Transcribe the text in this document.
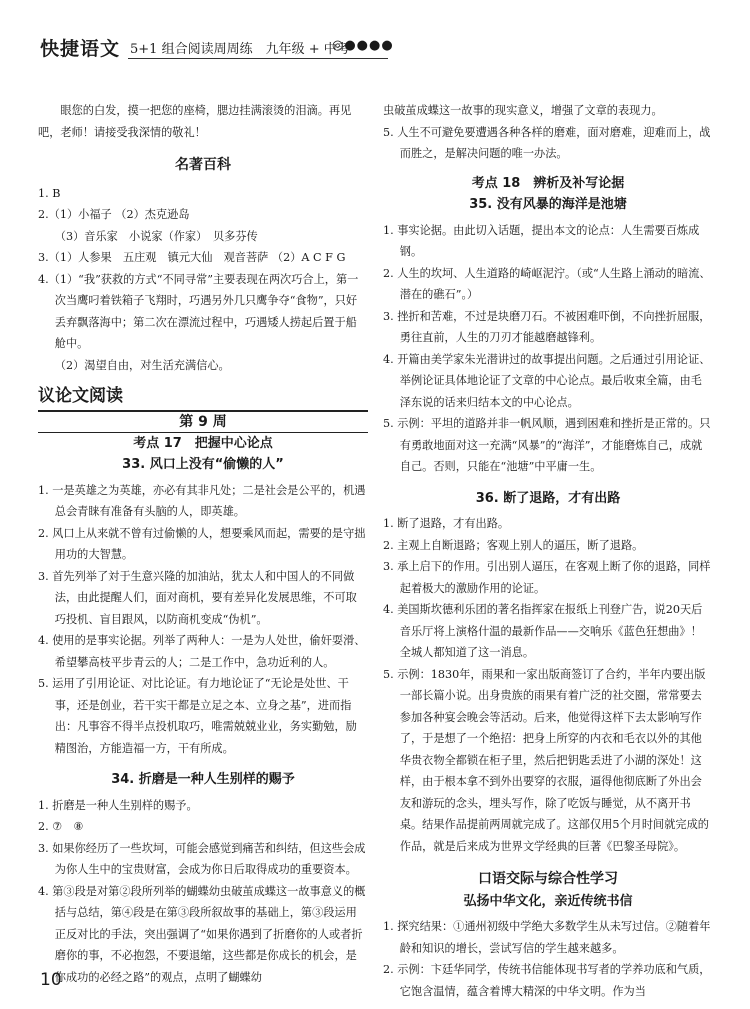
快捷语文 5+1 组合阅读周周练　九年级 + 中考
◎●●●●

眼您的白发，摸一把您的座椅，腮边挂满滚烫的泪滴。再见吧，老师！请接受我深情的敬礼！

名著百科

1. B

2.（1）小福子 （2）杰克逊岛

（3）音乐家　小说家（作家）　贝多芬传

3.（1）人参果　五庄观　镇元大仙　观音菩萨 （2）A C F G

4.（1）“我”获救的方式“不同寻常”主要表现在两次巧合上，第一次当鹰叼着铁箱子飞翔时，巧遇另外几只鹰争夺“食物”，只好丢弃飘落海中；第二次在漂流过程中，巧遇矮人捞起后置于船舱中。

（2）渴望自由，对生活充满信心。

议论文阅读

第 9 周

考点 17　把握中心论点

33. 风口上没有“偷懒的人”

1. 一是英雄之为英雄，亦必有其非凡处；二是社会是公平的，机遇总会青睐有准备有头脑的人，即英雄。

2. 风口上从来就不曾有过偷懒的人，想要乘风而起，需要的是守拙用功的大智慧。

3. 首先列举了対于生意兴隆的加油站，犹太人和中国人的不同做法，由此提醒人们，面对商机，要有差异化发展思维，不可取巧投机、盲目跟风，以防商机变成“伪机”。

4. 使用的是事实论据。列举了两种人：一是为人处世，偷奸耍滑、希望攀高枝平步青云的人；二是工作中，急功近利的人。

5. 运用了引用论证、对比论证。有力地论证了“无论是处世、干事，还是创业，若干实干都是立足之本、立身之基”，进而指出：凡事容不得半点投机取巧，唯需兢兢业业，务实勤勉，励精图治，方能造福一方，干有所成。

34. 折磨是一种人生别样的赐予

1. 折磨是一种人生别样的赐予。

2. ⑦　⑧

3. 如果你经历了一些坎坷，可能会感觉到痛苦和纠结，但这些会成为你人生中的宝贵财富，会成为你日后取得成功的重要资本。

4. 第③段是对第②段所列举的蝴蝶幼虫破茧成蝶这一故事意义的概括与总结，第④段是在第③段所叙故事的基础上，第③段运用正反对比的手法，突出强调了“如果你遇到了折磨你的人或者折磨你的事，不必抱怨，不要退缩，这些都是你成长的机会，是你成功的必经之路”的观点，点明了蝴蝶幼

虫破茧成蝶这一故事的现实意义，增强了文章的表现力。

5. 人生不可避免要遭遇各种各样的磨难，面对磨难，迎难而上，战而胜之，是解决问题的唯一办法。

考点 18　辨析及补写论据

35. 没有风暴的海洋是池塘

1. 事实论据。由此切入话题，提出本文的论点：人生需要百炼成钢。

2. 人生的坎坷、人生道路的崎岖泥泞。（或“人生路上涌动的暗流、潜在的礁石”。）

3. 挫折和苦难，不过是块磨刀石。不被困难吓倒，不向挫折屈服，勇往直前，人生的刀刃才能越磨越锋利。

4. 开篇由美学家朱光潜讲过的故事提出问题。之后通过引用论证、举例论证具体地论证了文章的中心论点。最后收束全篇，由毛泽东说的话来归结本文的中心论点。

5. 示例：平坦的道路并非一帆风顺，遇到困难和挫折是正常的。只有勇敢地面对这一充满“风暴”的“海洋”，才能磨炼自己，成就自己。否则，只能在“池塘”中平庸一生。

36. 断了退路，才有出路

1. 断了退路，才有出路。

2. 主观上自断退路；客观上别人的逼压，断了退路。

3. 承上启下的作用。引出别人逼压，在客观上断了你的退路，同样起着极大的激励作用的论证。

4. 美国斯坎德利乐团的著名指挥家在报纸上刊登广告，说20天后音乐厅将上演格什温的最新作品——交响乐《蓝色狂想曲》！全城人都知道了这一消息。

5. 示例：1830年，雨果和一家出版商签订了合约，半年内要出版一部长篇小说。出身贵族的雨果有着广泛的社交圈，常常要去参加各种宴会晚会等活动。后来，他觉得这样下去太影响写作了，于是想了一个绝招：把身上所穿的内衣和毛衣以外的其他华贵衣物全都锁在柜子里，然后把钥匙丢进了小湖的深处！这样，由于根本拿不到外出要穿的衣服，逼得他彻底断了外出会友和游玩的念头，埋头写作，除了吃饭与睡觉，从不离开书桌。结果作品提前两周就完成了。这部仅用5个月时间就完成的作品，就是后来成为世界文学经典的巨著《巴黎圣母院》。

口语交际与综合性学习

弘扬中华文化，亲近传统书信

1. 探究结果：①通州初级中学绝大多数学生从未写过信。②随着年龄和知识的增长，尝试写信的学生越来越多。

2. 示例：卞廷华同学，传统书信能体现书写者的学养功底和气质，它饱含温情，蕴含着博大精深的中华文明。作为当

10
